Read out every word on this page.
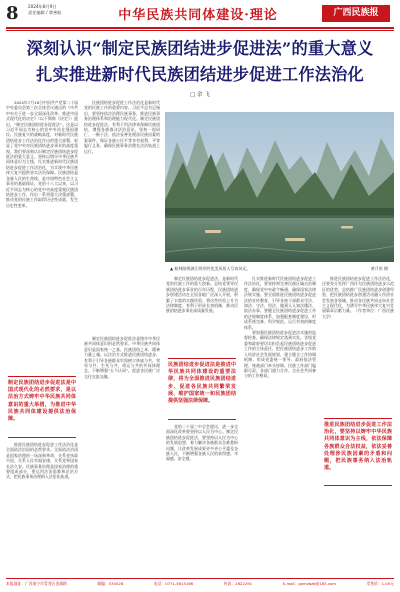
8 2024年8月9日
责任编辑 / 覃善航	中华民族共同体建设·理论	广西民族报
深刻认识“制定民族团结进步促进法”的重大意义
扎实推进新时代民族团结进步促进工作法治化
□ 余 飞

2024年7月18日中国共产党第二十届中央委员会第三次全体会议通过的《中共中央关于进一步全面深化改革、推进中国式现代化的决定》（以下简称《决定》）提出，“制定民族团结进步促进法”。这是以习近平同志为核心的党中央站在强国建设、民族复兴的战略高度，对新时代民族团结进步工作法治化作出的重大部署，彰显了党中央对民族团结进步事业的高度重视。我们要深刻认识制定民族团结进步促进法的重大意义，坚持以铸牢中华民族共同体意识为主线，扎实推进新时代民族团结进步促进工作法治化，为实现中华民族伟大复兴提供坚实法治保障。民族团结是各族人民的生命线，是中国特色社会主义事业的基础保证。党的十八大以来，以习近平同志为核心的党中央高度重视民族团结进步工作，作出一系列重大决策部署，推动党的民族工作取得历史性成就、发生历史性变革。

制定民族团结进步促进法是中国式现代化的必然要求，是以法治方式铸牢中华民族共同体意识的重大举措，为推进中华民族共同体建设提供法治保障。

推进民族团结进步促进工作法治化是全面依法治国的必然要求。全面依法治国是国家治理的一场深刻革命，关系党执政兴国，关系人民幸福安康，关系党和国家长治久安。民族事务治理是国家治理的重要组成部分，要运用法治思维和法治方式，把民族事务治理纳入法治化轨道。

民族团结进步促进工作法治化是新时代党的民族工作的重要内容。习近平总书记指出，要坚持依法治理民族事务，推进民族事务治理体系和治理能力现代化。制定民族团结进步促进法，有利于用法律来保障民族团结，增强各族群众法治意识，坚持一视同仁、一断于法，依法妥善处理涉民族因素的案事件，保证各族公民平等享有权利、平等履行义务，确保民族事务治理在法治轨道上运行。

制定民族团结进步促进法是铸牢中华民族共同体意识的必然要求。中华民族共同体意识是国家统一之基、民族团结之本、精神力量之魂。以法治方式推进民族团结进步，有利于引导各族群众牢固树立休戚与共、荣辱与共、生死与共、命运与共的共同体理念，不断增强“五个认同”，促进各民族广泛交往交流交融。

▲ 桂林阳朔漓江两岸的优美风景人写真风光。	黄月彤 摄

制定民族团结进步促进法，是新时代党的民族工作的重大创新。总结党领导民族团结进步事业的百年历程，民族团结进步创建活动在全国各地广泛深入开展，积累了丰富的实践经验。将这些经验上升为法律制度，有利于形成长效机制，推动民族团结进步事业高质量发展。

民族团结进步促进法是推进中华民族共同体建设的重要法律，将为全面推进民族团结进步、促进各民族共同繁荣发展、维护国家统一和民族团结提供坚强法律保障。

党的二十届三中全会提出，进一步全面深化改革要坚持以人民为中心。制定民族团结进步促进法，要坚持以人民为中心的发展思想，着力解决各族群众急难愁盼问题，让改革发展成果更多更公平惠及各族人民，不断增强各族人民的获得感、幸福感、安全感。

扎实推进新时代民族团结进步促进工作法治化，要坚持和完善民族区域自治制度，确保党中央政令畅通，确保国家法律法规实施。要全面推进民族团结进步促进法的宣传教育，引导各族干部群众学法、知法、守法、用法，做到人人知法懂法、依法办事。要健全民族团结进步促进工作的法规制度体系，加强配套制度建设，形成系统完备、科学规范、运行有效的制度体系。

要加强民族团结进步促进法实施的监督检查，确保法律规定落到实处。各级党委和政府要切实担负起民族团结进步促进工作的主体责任，把民族团结进步工作纳入经济社会发展规划，建立健全工作协调机制，形成党委统一领导、政府依法管理、统战部门牵头协调、民族工作部门履职尽责、各部门通力合作、全社会共同参与的工作格局。

推进民族团结进步促进工作法治化，还要充分发挥广西作为民族团结进步示范区的优势，总结推广民族团结进步创建经验，把民族团结进步创建活动融入经济社会发展各领域，推动各民族共同走向社会主义现代化，为谱写中华民族伟大复兴壮丽篇章贡献力量。（作者单位：广西民族大学）

推进民族团结进步促进工作法治化，要坚持以铸牢中华民族共同体意识为主线，依法保障各族群众合法权益，依法妥善处理涉民族因素的矛盾和问题，把民族事务纳入法治轨道。
本报地址：广西南宁市青秀区金湖路	邮编：530028	电话：0771-5615166	传真：2622291	E-mail：gxmzbzb@163.com	零售价：1.00元
